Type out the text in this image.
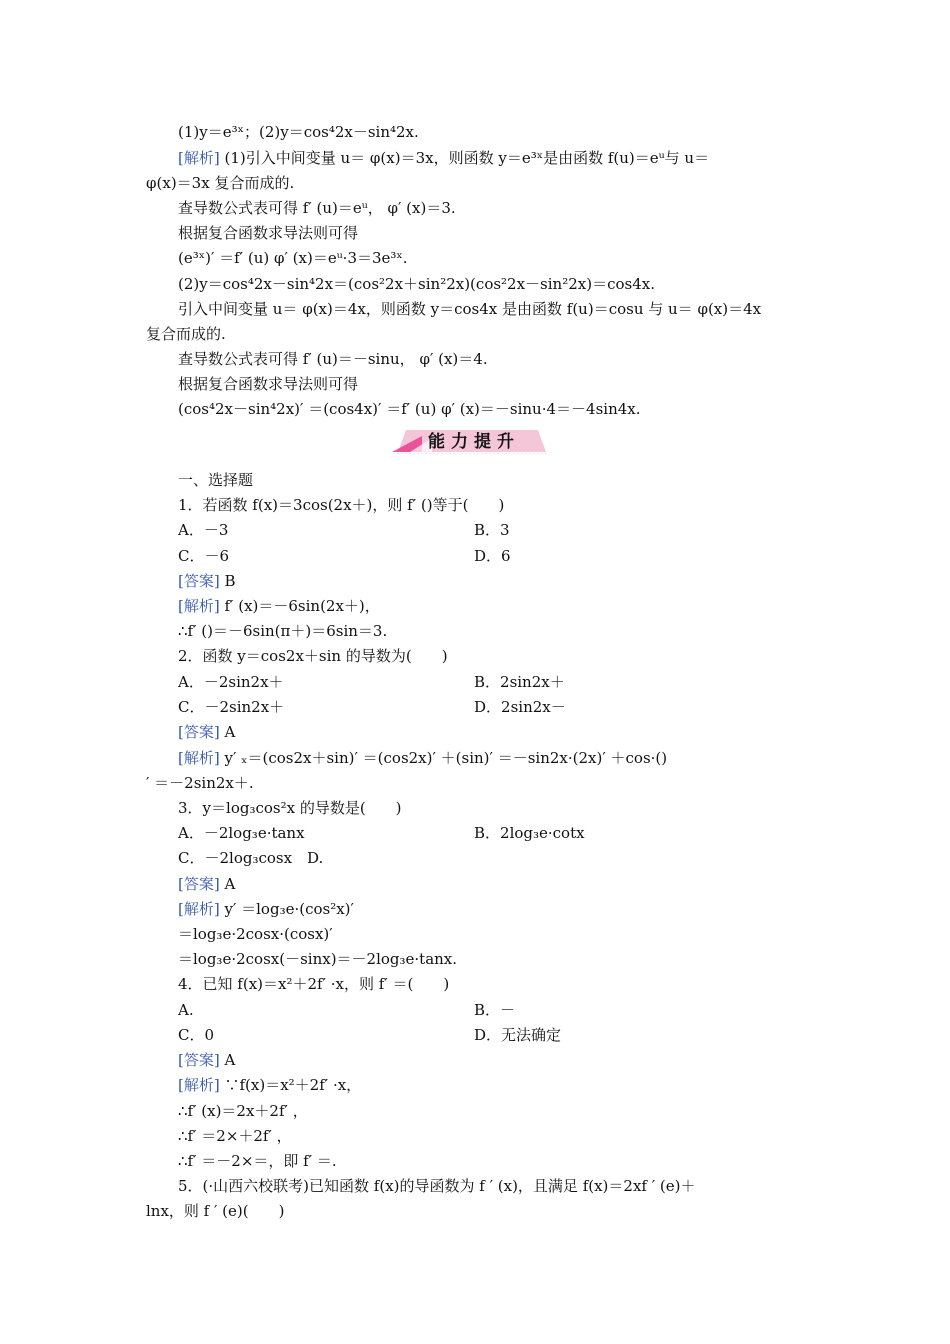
(1)y＝e³ˣ；(2)y＝cos⁴2x－sin⁴2x.
[解析] (1)引入中间变量 u＝ φ(x)＝3x，则函数 y＝e³ˣ是由函数 f(u)＝eᵘ与 u＝
φ(x)＝3x 复合而成的.
查导数公式表可得 f′ (u)＝eᵘ， φ′ (x)＝3.
根据复合函数求导法则可得
(e³ˣ)′ ＝f′ (u) φ′ (x)＝eᵘ·3＝3e³ˣ.
(2)y＝cos⁴2x－sin⁴2x＝(cos²2x＋sin²2x)(cos²2x－sin²2x)＝cos4x.
引入中间变量 u＝ φ(x)＝4x，则函数 y＝cos4x 是由函数 f(u)＝cosu 与 u＝ φ(x)＝4x
复合而成的.
查导数公式表可得 f′ (u)＝－sinu， φ′ (x)＝4.
根据复合函数求导法则可得
(cos⁴2x－sin⁴2x)′ ＝(cos4x)′ ＝f′ (u) φ′ (x)＝－sinu·4＝－4sin4x.
一、选择题
1．若函数 f(x)＝3cos(2x＋)，则 f′ ()等于(　　)
A．－3	B．3
C．－6	D．6
[答案] B
[解析] f′ (x)＝－6sin(2x＋)，
∴f′ ()＝－6sin(π＋)＝6sin＝3.
2．函数 y＝cos2x＋sin 的导数为(　　)
A．－2sin2x＋	B．2sin2x＋
C．－2sin2x＋	D．2sin2x－
[答案] A
[解析] y′ ₓ＝(cos2x＋sin)′ ＝(cos2x)′ ＋(sin)′ ＝－sin2x·(2x)′ ＋cos·()
′ ＝－2sin2x＋.
3．y＝log₃cos²x 的导数是(　　)
A．－2log₃e·tanx	B．2log₃e·cotx
C．－2log₃cosx　D.
[答案] A
[解析] y′ ＝log₃e·(cos²x)′
＝log₃e·2cosx·(cosx)′
＝log₃e·2cosx(－sinx)＝－2log₃e·tanx.
4．已知 f(x)＝x²＋2f′ ·x，则 f′ ＝(　　)
A.	B．－
C．0	D．无法确定
[答案] A
[解析] ∵f(x)＝x²＋2f′ ·x，
∴f′ (x)＝2x＋2f′ ，
∴f′ ＝2×＋2f′ ，
∴f′ ＝－2×＝，即 f′ ＝.
5．(·山西六校联考)已知函数 f(x)的导函数为 f ′ (x)，且满足 f(x)＝2xf ′ (e)＋
lnx，则 f ′ (e)(　　)
能力提升
